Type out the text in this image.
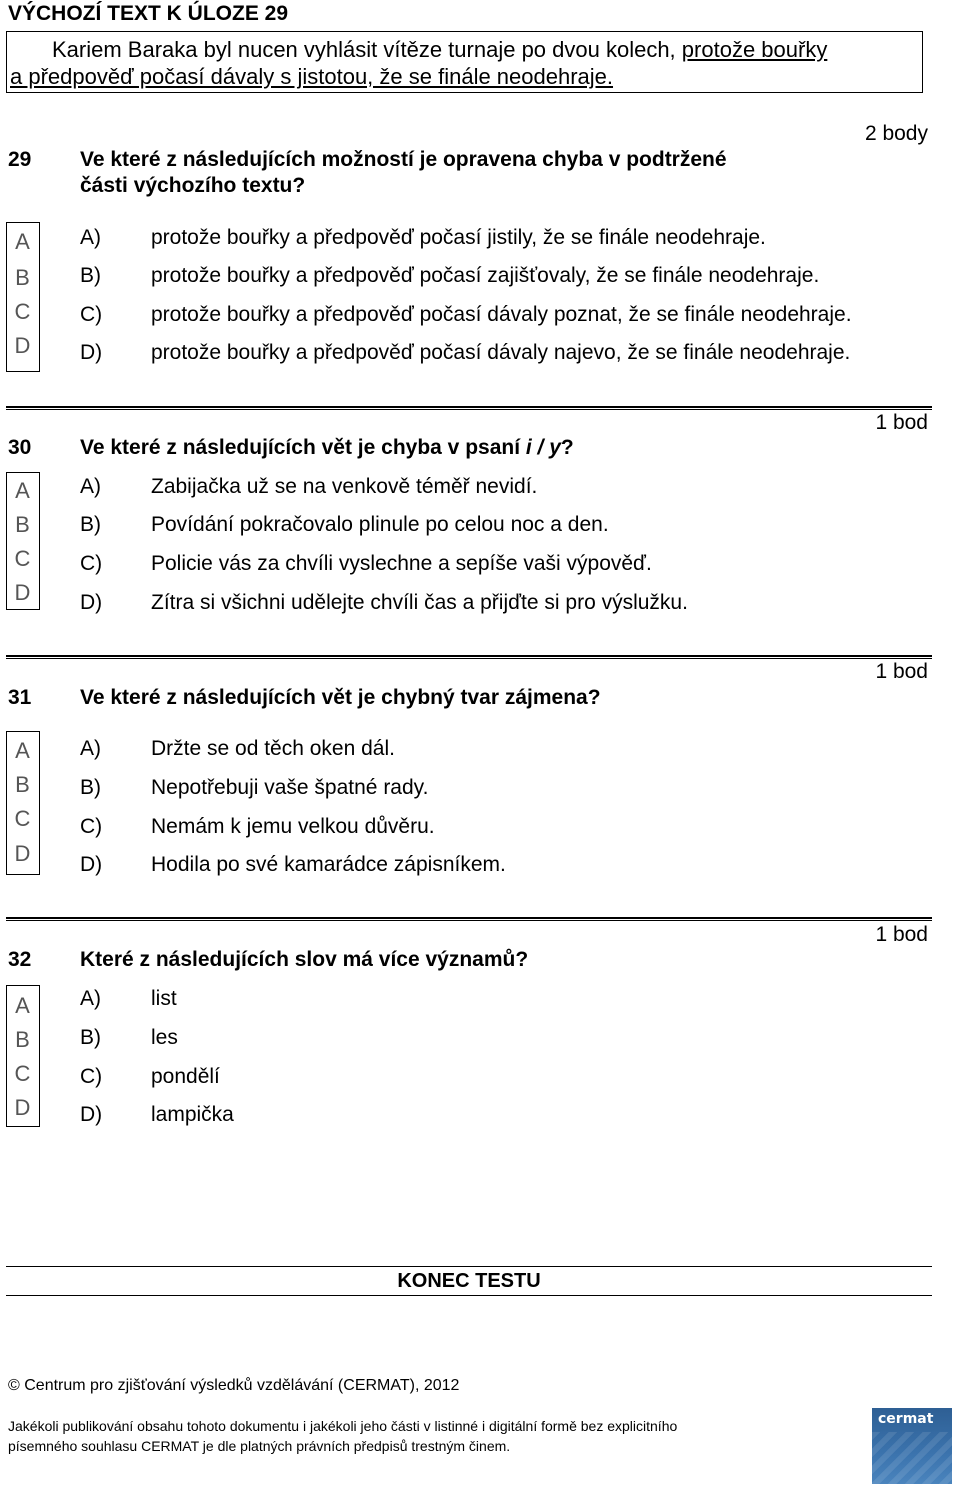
VÝCHOZÍ TEXT K ÚLOZE 29
Kariem Baraka byl nucen vyhlásit vítěze turnaje po dvou kolech, protože bouřky
a předpověď počasí dávaly s jistotou, že se finále neodehraje.
29 Ve které z následujících možností je opravena chyba v podtržené
části výchozího textu?
2 body
A
B
C
D
A) protože bouřky a předpověď počasí jistily, že se finále neodehraje.
B) protože bouřky a předpověď počasí zajišťovaly, že se finále neodehraje.
C) protože bouřky a předpověď počasí dávaly poznat, že se finále neodehraje.
D) protože bouřky a předpověď počasí dávaly najevo, že se finále neodehraje.
1 bod
30 Ve které z následujících vět je chyba v psaní i / y?
A
B
C
D
A) Zabijačka už se na venkově téměř nevidí.
B) Povídání pokračovalo plinule po celou noc a den.
C) Policie vás za chvíli vyslechne a sepíše vaši výpověď.
D) Zítra si všichni udělejte chvíli čas a přijďte si pro výslužku.
1 bod
31 Ve které z následujících vět je chybný tvar zájmena?
A
B
C
D
A) Držte se od těch oken dál.
B) Nepotřebuji vaše špatné rady.
C) Nemám k jemu velkou důvěru.
D) Hodila po své kamarádce zápisníkem.
1 bod
32 Které z následujících slov má více významů?
A
B
C
D
A) list
B) les
C) pondělí
D) lampička
KONEC TESTU
© Centrum pro zjišťování výsledků vzdělávání (CERMAT), 2012
Jakékoli publikování obsahu tohoto dokumentu i jakékoli jeho části v listinné i digitální formě bez explicitního
písemného souhlasu CERMAT je dle platných právních předpisů trestným činem.
cermat
